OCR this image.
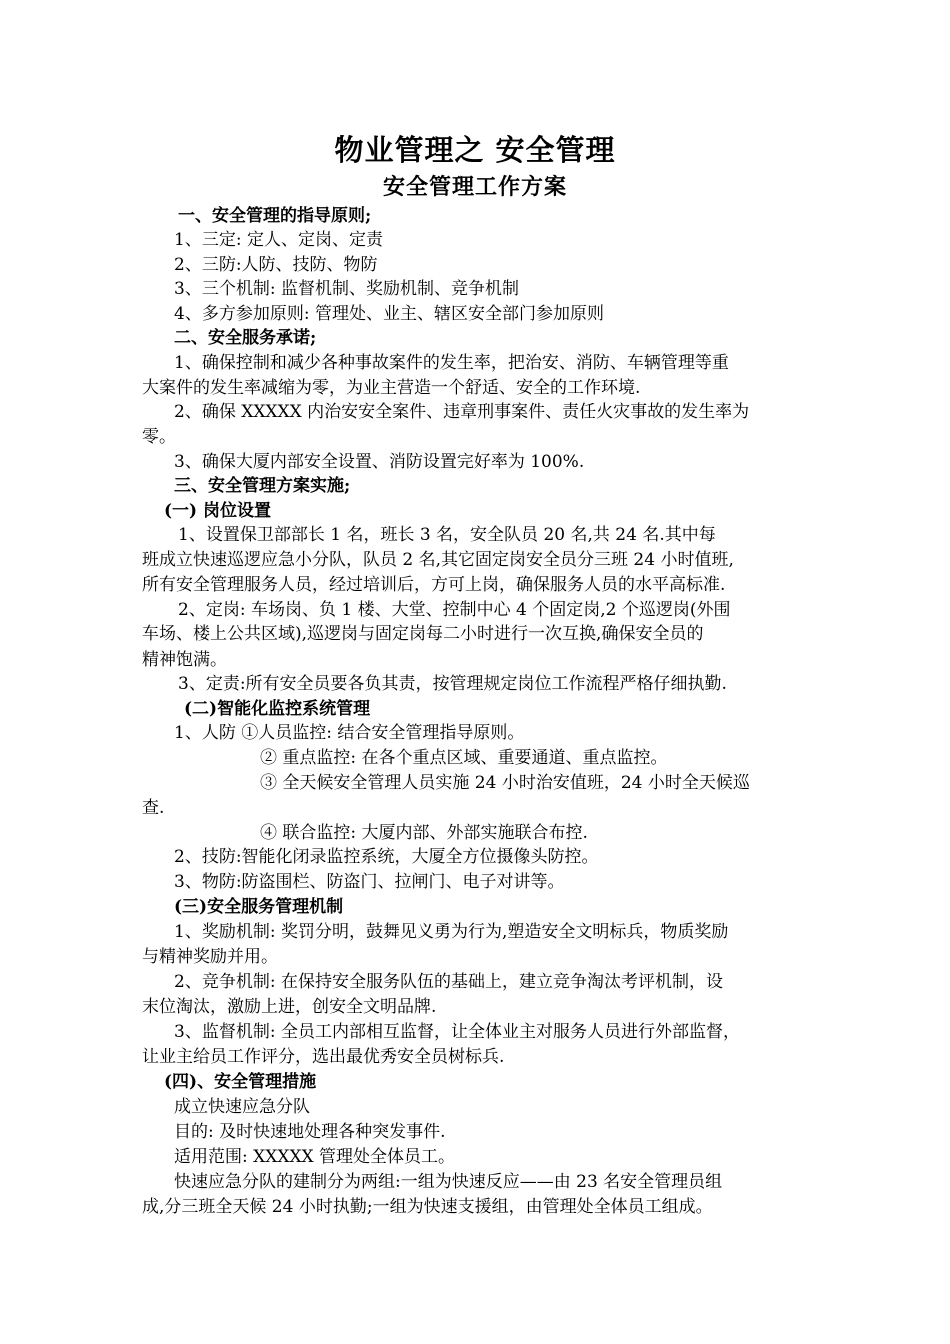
物业管理之 安全管理
安全管理工作方案
一、安全管理的指导原则;
1、三定: 定人、定岗、定责
2、三防:人防、技防、物防
3、三个机制: 监督机制、奖励机制、竞争机制
4、多方参加原则: 管理处、业主、辖区安全部门参加原则
二、安全服务承诺;
1、确保控制和减少各种事故案件的发生率，把治安、消防、车辆管理等重
大案件的发生率减缩为零，为业主营造一个舒适、安全的工作环境.
2、确保 XXXXX 内治安安全案件、违章刑事案件、责任火灾事故的发生率为
零。
3、确保大厦内部安全设置、消防设置完好率为 100%.
三、安全管理方案实施;
(一) 岗位设置
1、设置保卫部部长 1 名，班长 3 名，安全队员 20 名,共 24 名.其中每
班成立快速巡逻应急小分队，队员 2 名,其它固定岗安全员分三班 24 小时值班,
所有安全管理服务人员，经过培训后，方可上岗，确保服务人员的水平高标准.
2、定岗: 车场岗、负 1 楼、大堂、控制中心 4 个固定岗,2 个巡逻岗(外围
车场、楼上公共区域),巡逻岗与固定岗每二小时进行一次互换,确保安全员的
精神饱满。
3、定责:所有安全员要各负其责，按管理规定岗位工作流程严格仔细执勤.
(二)智能化监控系统管理
1、人防 ①人员监控: 结合安全管理指导原则。
② 重点监控: 在各个重点区域、重要通道、重点监控。
③ 全天候安全管理人员实施 24 小时治安值班，24 小时全天候巡
查.
④ 联合监控: 大厦内部、外部实施联合布控.
2、技防:智能化闭录监控系统，大厦全方位摄像头防控。
3、物防:防盗围栏、防盗门、拉闸门、电子对讲等。
(三)安全服务管理机制
1、奖励机制: 奖罚分明，鼓舞见义勇为行为,塑造安全文明标兵，物质奖励
与精神奖励并用。
2、竞争机制: 在保持安全服务队伍的基础上，建立竞争淘汰考评机制，设
末位淘汰，激励上进，创安全文明品牌.
3、监督机制: 全员工内部相互监督，让全体业主对服务人员进行外部监督，
让业主给员工作评分，选出最优秀安全员树标兵.
(四)、安全管理措施
成立快速应急分队
目的: 及时快速地处理各种突发事件.
适用范围: XXXXX 管理处全体员工。
快速应急分队的建制分为两组:一组为快速反应——由 23 名安全管理员组
成,分三班全天候 24 小时执勤;一组为快速支援组，由管理处全体员工组成。
